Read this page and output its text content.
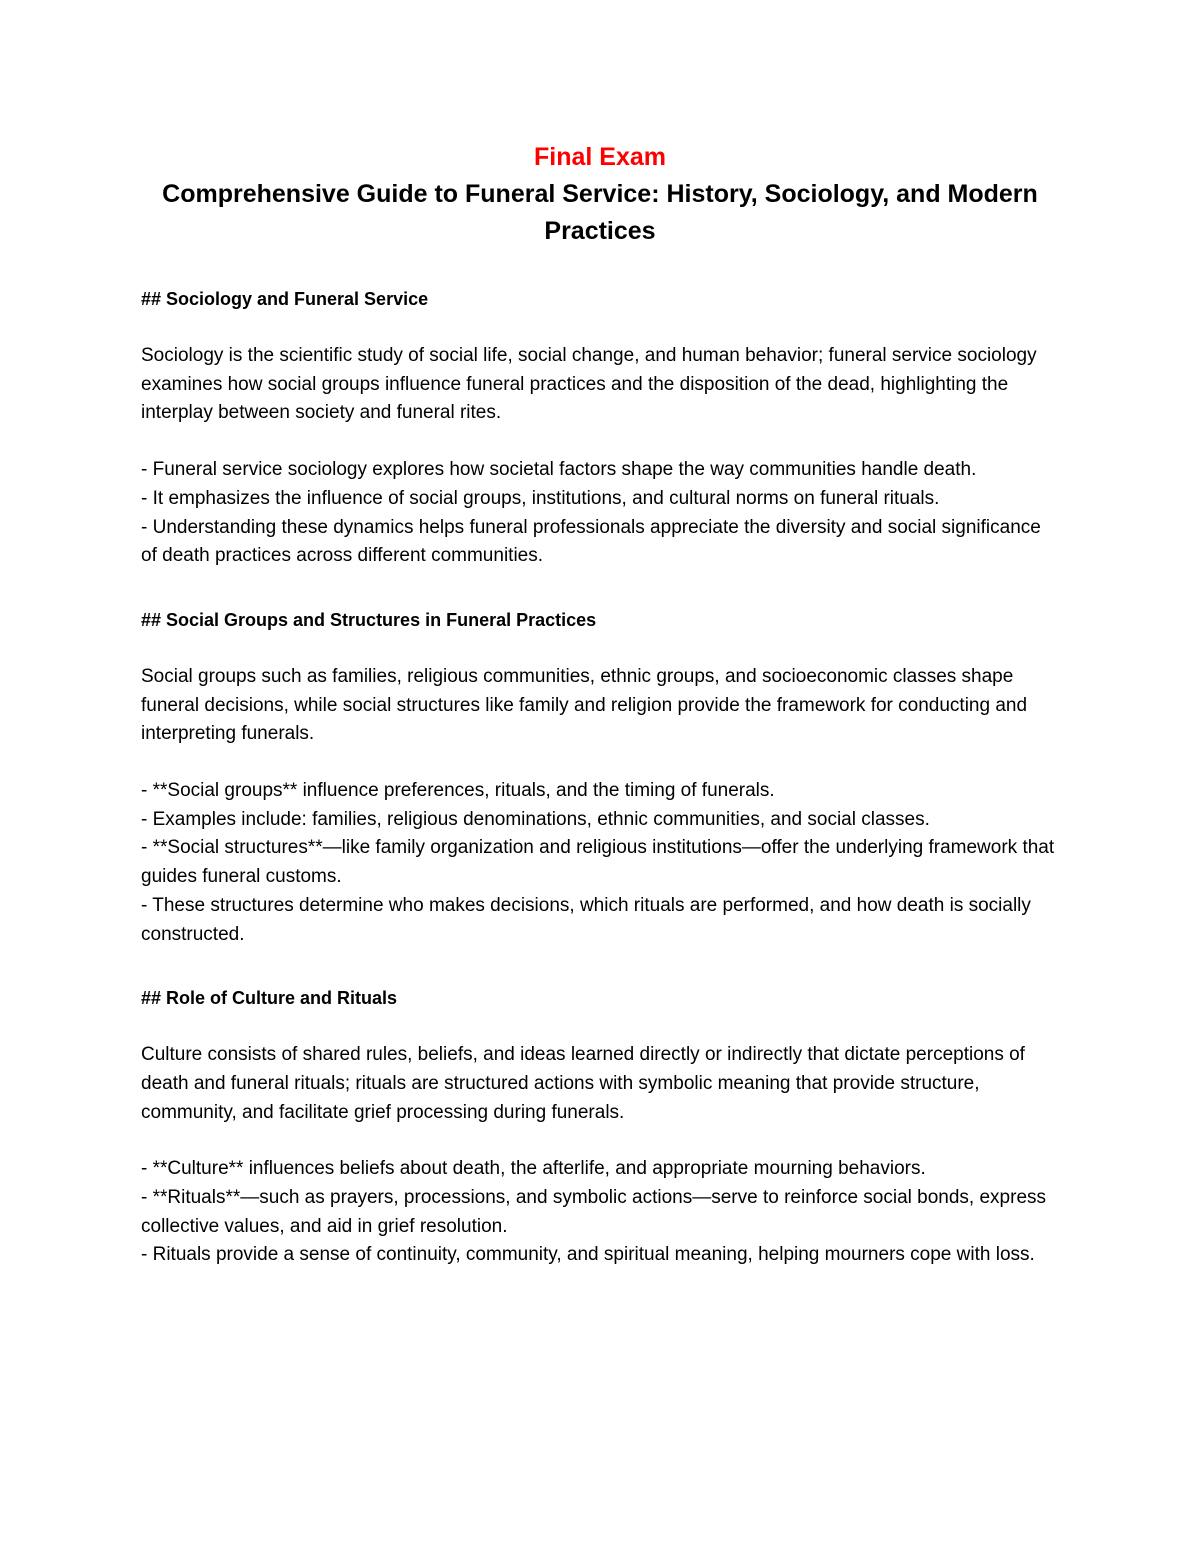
Final Exam
Comprehensive Guide to Funeral Service: History, Sociology, and Modern Practices

## Sociology and Funeral Service

Sociology is the scientific study of social life, social change, and human behavior; funeral service sociology examines how social groups influence funeral practices and the disposition of the dead, highlighting the interplay between society and funeral rites.

- Funeral service sociology explores how societal factors shape the way communities handle death.
- It emphasizes the influence of social groups, institutions, and cultural norms on funeral rituals.
- Understanding these dynamics helps funeral professionals appreciate the diversity and social significance of death practices across different communities.

## Social Groups and Structures in Funeral Practices

Social groups such as families, religious communities, ethnic groups, and socioeconomic classes shape funeral decisions, while social structures like family and religion provide the framework for conducting and interpreting funerals.

- **Social groups** influence preferences, rituals, and the timing of funerals.
- Examples include: families, religious denominations, ethnic communities, and social classes.
- **Social structures**—like family organization and religious institutions—offer the underlying framework that guides funeral customs.
- These structures determine who makes decisions, which rituals are performed, and how death is socially constructed.

## Role of Culture and Rituals

Culture consists of shared rules, beliefs, and ideas learned directly or indirectly that dictate perceptions of death and funeral rituals; rituals are structured actions with symbolic meaning that provide structure, community, and facilitate grief processing during funerals.

- **Culture** influences beliefs about death, the afterlife, and appropriate mourning behaviors.
- **Rituals**—such as prayers, processions, and symbolic actions—serve to reinforce social bonds, express collective values, and aid in grief resolution.
- Rituals provide a sense of continuity, community, and spiritual meaning, helping mourners cope with loss.
